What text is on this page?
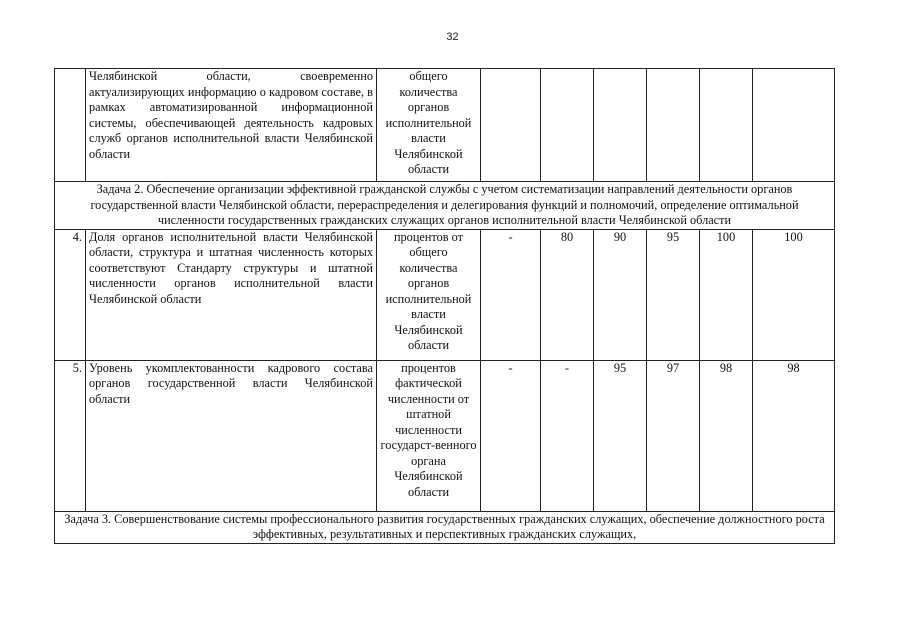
32
	Челябинской области, своевременно актуализирующих информацию о кадровом составе, в рамках автоматизированной информационной системы, обеспечивающей деятельность кадровых служб органов исполнительной власти Челябинской области	общего количества органов исполнительной власти Челябинской области						
Задача 2. Обеспечение организации эффективной гражданской службы с учетом систематизации направлений деятельности органов государственной власти Челябинской области, перераспределения и делегирования функций и полномочий, определение оптимальной численности государственных гражданских служащих органов исполнительной власти Челябинской области								
4.	Доля органов исполнительной власти Челябинской области, структура и штатная численность которых соответствуют Стандарту структуры и штатной численности органов исполнительной власти Челябинской области	процентов от общего количества органов исполнительной власти Челябинской области	-	80	90	95	100	100
5.	Уровень укомплектованности кадрового состава органов государственной власти Челябинской области	процентов фактической численности от штатной численности государст-венного органа Челябинской области	-	-	95	97	98	98
Задача 3. Совершенствование системы профессионального развития государственных гражданских служащих, обеспечение должностного роста эффективных, результативных и перспективных гражданских служащих,								
